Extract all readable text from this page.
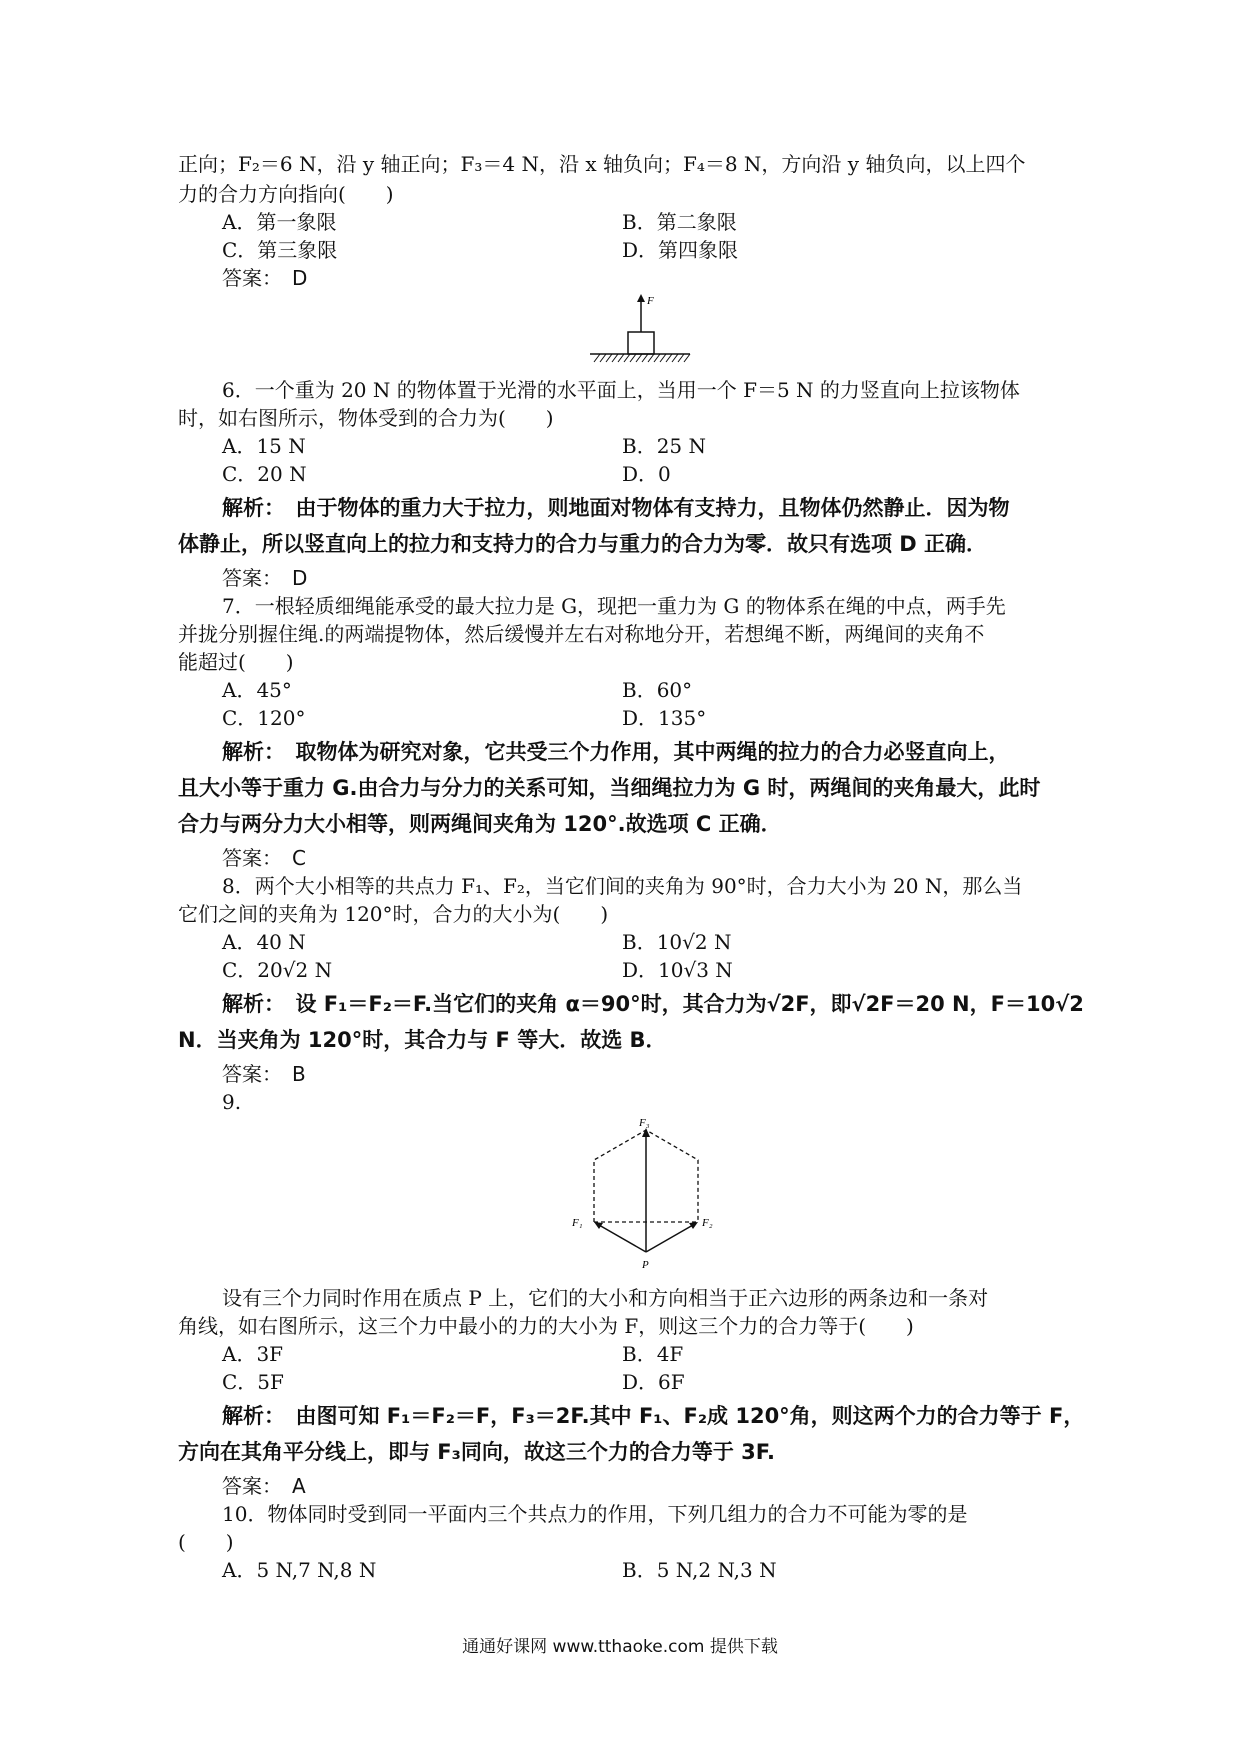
正向；F₂＝6 N，沿 y 轴正向；F₃＝4 N，沿 x 轴负向；F₄＝8 N，方向沿 y 轴负向，以上四个
力的合力方向指向(　　)
A．第一象限	B．第二象限
C．第三象限	D．第四象限
答案：　D
F
6．一个重为 20 N 的物体置于光滑的水平面上，当用一个 F＝5 N 的力竖直向上拉该物体
时，如右图所示，物体受到的合力为(　　)
A．15 N	B．25 N
C．20 N	D．0
解析：　由于物体的重力大于拉力，则地面对物体有支持力，且物体仍然静止．因为物
体静止，所以竖直向上的拉力和支持力的合力与重力的合力为零．故只有选项 D 正确．
答案：　D
7．一根轻质细绳能承受的最大拉力是 G，现把一重力为 G 的物体系在绳的中点，两手先
并拢分别握住绳.的两端提物体，然后缓慢并左右对称地分开，若想绳不断，两绳间的夹角不
能超过(　　)
A．45°	B．60°
C．120°	D．135°
解析：　取物体为研究对象，它共受三个力作用，其中两绳的拉力的合力必竖直向上，
且大小等于重力 G.由合力与分力的关系可知，当细绳拉力为 G 时，两绳间的夹角最大，此时
合力与两分力大小相等，则两绳间夹角为 120°.故选项 C 正确．
答案：　C
8．两个大小相等的共点力 F₁、F₂，当它们间的夹角为 90°时，合力大小为 20 N，那么当
它们之间的夹角为 120°时，合力的大小为(　　)
A．40 N	B．10√2 N
C．20√2 N	D．10√3 N
解析：　设 F₁＝F₂＝F.当它们的夹角 α＝90°时，其合力为√2F，即√2F＝20 N，F＝10√2
N．当夹角为 120°时，其合力与 F 等大．故选 B．
答案：　B
9.
F₃
F₁	F₂
P
设有三个力同时作用在质点 P 上，它们的大小和方向相当于正六边形的两条边和一条对
角线，如右图所示，这三个力中最小的力的大小为 F，则这三个力的合力等于(　　)
A．3F	B．4F
C．5F	D．6F
解析：　由图可知 F₁＝F₂＝F，F₃＝2F.其中 F₁、F₂成 120°角，则这两个力的合力等于 F，
方向在其角平分线上，即与 F₃同向，故这三个力的合力等于 3F.
答案：　A
10．物体同时受到同一平面内三个共点力的作用，下列几组力的合力不可能为零的是
(　　)
A．5 N,7 N,8 N	B．5 N,2 N,3 N
通通好课网 www.tthaoke.com 提供下载
